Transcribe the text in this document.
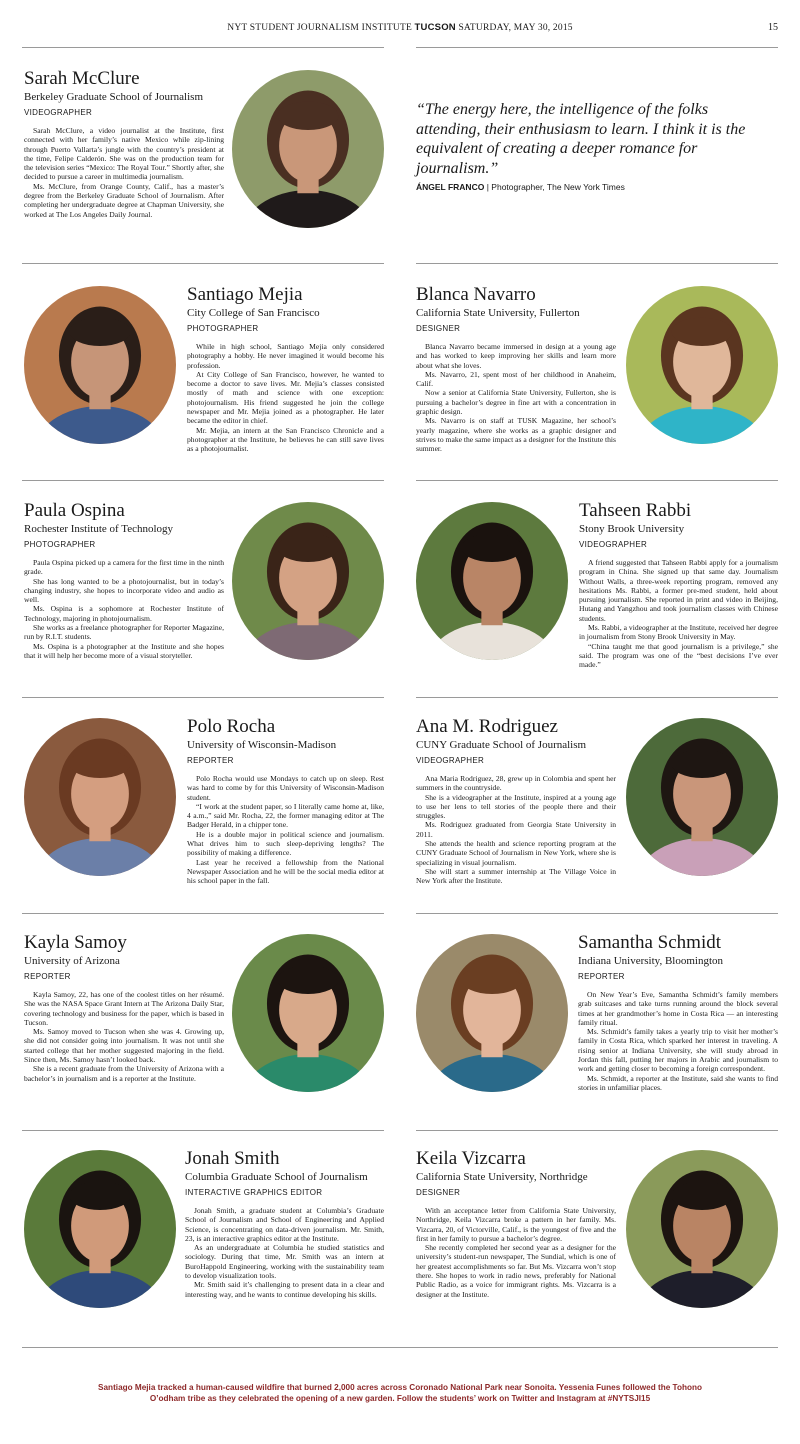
NYT STUDENT JOURNALISM INSTITUTE TUCSON SATURDAY, MAY 30, 2015	15
“The energy here, the intelligence of the folks attending, their enthusiasm to learn. I think it is the equivalent of creating a deeper romance for journalism.”
ÁNGEL FRANCO | Photographer, The New York Times
Sarah McClure
Berkeley Graduate School of Journalism
VIDEOGRAPHER

Sarah McClure, a video journalist at the Institute, first connected with her family’s native Mexico while zip-lining through Puerto Vallarta’s jungle with the country’s president at the time, Felipe Calderón. She was on the production team for the television series “Mexico: The Royal Tour.” Shortly after, she decided to pursue a career in multimedia journalism.

Ms. McClure, from Orange County, Calif., has a master’s degree from the Berkeley Graduate School of Journalism. After completing her undergraduate degree at Chapman University, she worked at The Los Angeles Daily Journal.

Santiago Mejia
City College of San Francisco
PHOTOGRAPHER

While in high school, Santiago Mejia only considered photography a hobby. He never imagined it would become his profession.

At City College of San Francisco, however, he wanted to become a doctor to save lives. Mr. Mejia’s classes consisted mostly of math and science with one exception: photojournalism. His friend suggested he join the college newspaper and Mr. Mejia joined as a photographer. He later became the editor in chief.

Mr. Mejia, an intern at the San Francisco Chronicle and a photographer at the Institute, he believes he can still save lives as a photojournalist.

Blanca Navarro
California State University, Fullerton
DESIGNER

Blanca Navarro became immersed in design at a young age and has worked to keep improving her skills and learn more about what she loves.

Ms. Navarro, 21, spent most of her childhood in Anaheim, Calif.

Now a senior at California State University, Fullerton, she is pursuing a bachelor’s degree in fine art with a concentration in graphic design.

Ms. Navarro is on staff at TUSK Magazine, her school’s yearly magazine, where she works as a graphic designer and strives to make the same impact as a designer for the Institute this summer.

Paula Ospina
Rochester Institute of Technology
PHOTOGRAPHER

Paula Ospina picked up a camera for the first time in the ninth grade.

She has long wanted to be a photojournalist, but in today’s changing industry, she hopes to incorporate video and audio as well.

Ms. Ospina is a sophomore at Rochester Institute of Technology, majoring in photojournalism.

She works as a freelance photographer for Reporter Magazine, run by R.I.T. students.

Ms. Ospina is a photographer at the Institute and she hopes that it will help her become more of a visual storyteller.

Tahseen Rabbi
Stony Brook University
VIDEOGRAPHER

A friend suggested that Tahseen Rabbi apply for a journalism program in China. She signed up that same day. Journalism Without Walls, a three-week reporting program, removed any hesitations Ms. Rabbi, a former pre-med student, held about pursuing journalism. She reported in print and video in Beijing, Hutang and Yangzhou and took journalism classes with Chinese students.

Ms. Rabbi, a videographer at the Institute, received her degree in journalism from Stony Brook University in May.

“China taught me that good journalism is a privilege,” she said. The program was one of the “best decisions I’ve ever made.”

Polo Rocha
University of Wisconsin-Madison
REPORTER

Polo Rocha would use Mondays to catch up on sleep. Rest was hard to come by for this University of Wisconsin-Madison student.

“I work at the student paper, so I literally came home at, like, 4 a.m.,” said Mr. Rocha, 22, the former managing editor at The Badger Herald, in a chipper tone.

He is a double major in political science and journalism. What drives him to such sleep-depriving lengths? The possibility of making a difference.

Last year he received a fellowship from the National Newspaper Association and he will be the social media editor at his school paper in the fall.

Ana M. Rodriguez
CUNY Graduate School of Journalism
VIDEOGRAPHER

Ana Maria Rodriguez, 28, grew up in Colombia and spent her summers in the countryside.

She is a videographer at the Institute, inspired at a young age to use her lens to tell stories of the people there and their struggles.

Ms. Rodriguez graduated from Georgia State University in 2011.

She attends the health and science reporting program at the CUNY Graduate School of Journalism in New York, where she is specializing in visual journalism.

She will start a summer internship at The Village Voice in New York after the Institute.

Kayla Samoy
University of Arizona
REPORTER

Kayla Samoy, 22, has one of the coolest titles on her résumé. She was the NASA Space Grant Intern at The Arizona Daily Star, covering technology and business for the paper, which is based in Tucson.

Ms. Samoy moved to Tucson when she was 4. Growing up, she did not consider going into journalism. It was not until she started college that her mother suggested majoring in the field. Since then, Ms. Samoy hasn’t looked back.

She is a recent graduate from the University of Arizona with a bachelor’s in journalism and is a reporter at the Institute.

Samantha Schmidt
Indiana University, Bloomington
REPORTER

On New Year’s Eve, Samantha Schmidt’s family members grab suitcases and take turns running around the block several times at her grandmother’s home in Costa Rica — an interesting family ritual.

Ms. Schmidt’s family takes a yearly trip to visit her mother’s family in Costa Rica, which sparked her interest in traveling. A rising senior at Indiana University, she will study abroad in Jordan this fall, putting her majors in Arabic and journalism to work and getting closer to becoming a foreign correspondent.

Ms. Schmidt, a reporter at the Institute, said she wants to find stories in unfamiliar places.

Jonah Smith
Columbia Graduate School of Journalism
INTERACTIVE GRAPHICS EDITOR

Jonah Smith, a graduate student at Columbia’s Graduate School of Journalism and School of Engineering and Applied Science, is concentrating on data-driven journalism. Mr. Smith, 23, is an interactive graphics editor at the Institute.

As an undergraduate at Columbia he studied statistics and sociology. During that time, Mr. Smith was an intern at BuroHappold Engineering, working with the sustainability team to develop visualization tools.

Mr. Smith said it’s challenging to present data in a clear and interesting way, and he wants to continue developing his skills.

Keila Vizcarra
California State University, Northridge
DESIGNER

With an acceptance letter from California State University, Northridge, Keila Vizcarra broke a pattern in her family. Ms. Vizcarra, 20, of Victorville, Calif., is the youngest of five and the first in her family to pursue a bachelor’s degree.

She recently completed her second year as a designer for the university’s student-run newspaper, The Sundial, which is one of her greatest accomplishments so far. But Ms. Vizcarra won’t stop there. She hopes to work in radio news, preferably for National Public Radio, as a voice for immigrant rights. Ms. Vizcarra is a designer at the Institute.

Santiago Mejia tracked a human-caused wildfire that burned 2,000 acres across Coronado National Park near Sonoita. Yessenia Funes followed the Tohono O’odham tribe as they celebrated the opening of a new garden. Follow the students’ work on Twitter and Instagram at #NYTSJI15
